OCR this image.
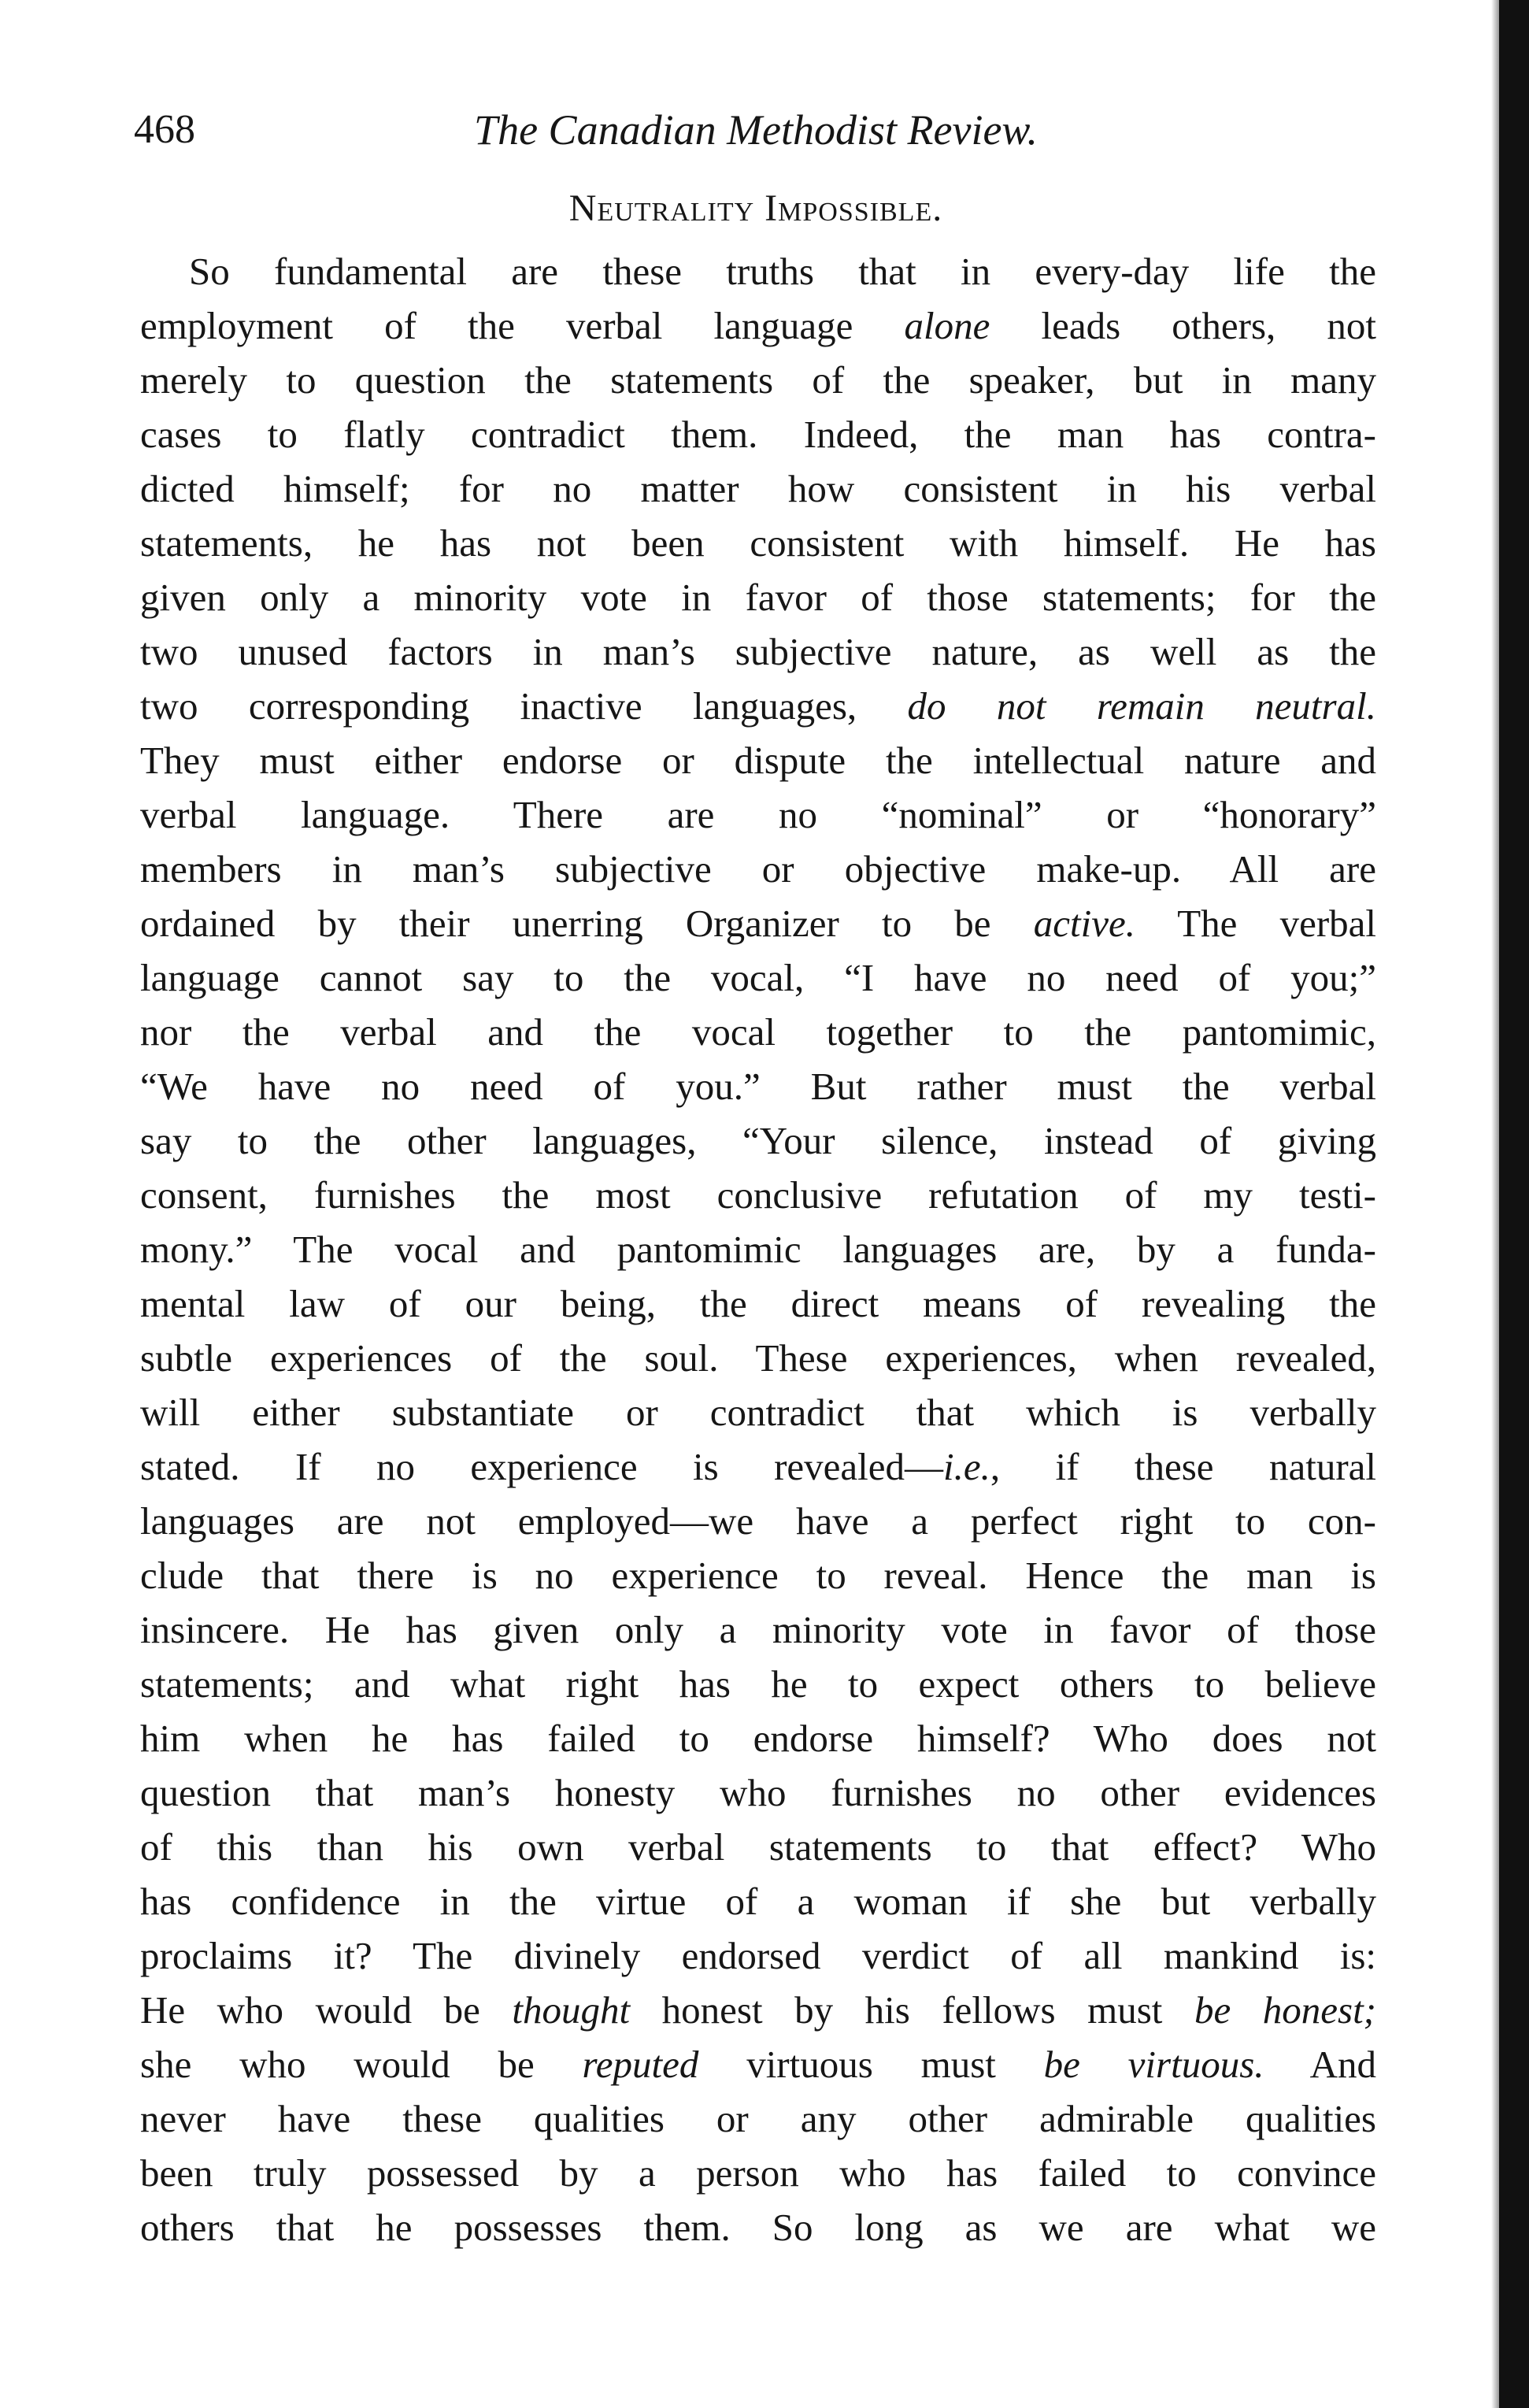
468	The Canadian Methodist Review.
Neutrality Impossible.
So fundamental are these truths that in every-day life the
employment of the verbal language alone leads others, not
merely to question the statements of the speaker, but in many
cases to flatly contradict them. Indeed, the man has contra-
dicted himself; for no matter how consistent in his verbal
statements, he has not been consistent with himself. He has
given only a minority vote in favor of those statements; for the
two unused factors in man’s subjective nature, as well as the
two corresponding inactive languages, do not remain neutral.
They must either endorse or dispute the intellectual nature and
verbal language. There are no “nominal” or “honorary”
members in man’s subjective or objective make-up. All are
ordained by their unerring Organizer to be active. The verbal
language cannot say to the vocal, “I have no need of you;”
nor the verbal and the vocal together to the pantomimic,
“We have no need of you.” But rather must the verbal
say to the other languages, “Your silence, instead of giving
consent, furnishes the most conclusive refutation of my testi-
mony.” The vocal and pantomimic languages are, by a funda-
mental law of our being, the direct means of revealing the
subtle experiences of the soul. These experiences, when revealed,
will either substantiate or contradict that which is verbally
stated. If no experience is revealed—i.e., if these natural
languages are not employed—we have a perfect right to con-
clude that there is no experience to reveal. Hence the man is
insincere. He has given only a minority vote in favor of those
statements; and what right has he to expect others to believe
him when he has failed to endorse himself? Who does not
question that man’s honesty who furnishes no other evidences
of this than his own verbal statements to that effect? Who
has confidence in the virtue of a woman if she but verbally
proclaims it? The divinely endorsed verdict of all mankind is:
He who would be thought honest by his fellows must be honest;
she who would be reputed virtuous must be virtuous. And
never have these qualities or any other admirable qualities
been truly possessed by a person who has failed to convince
others that he possesses them. So long as we are what we
